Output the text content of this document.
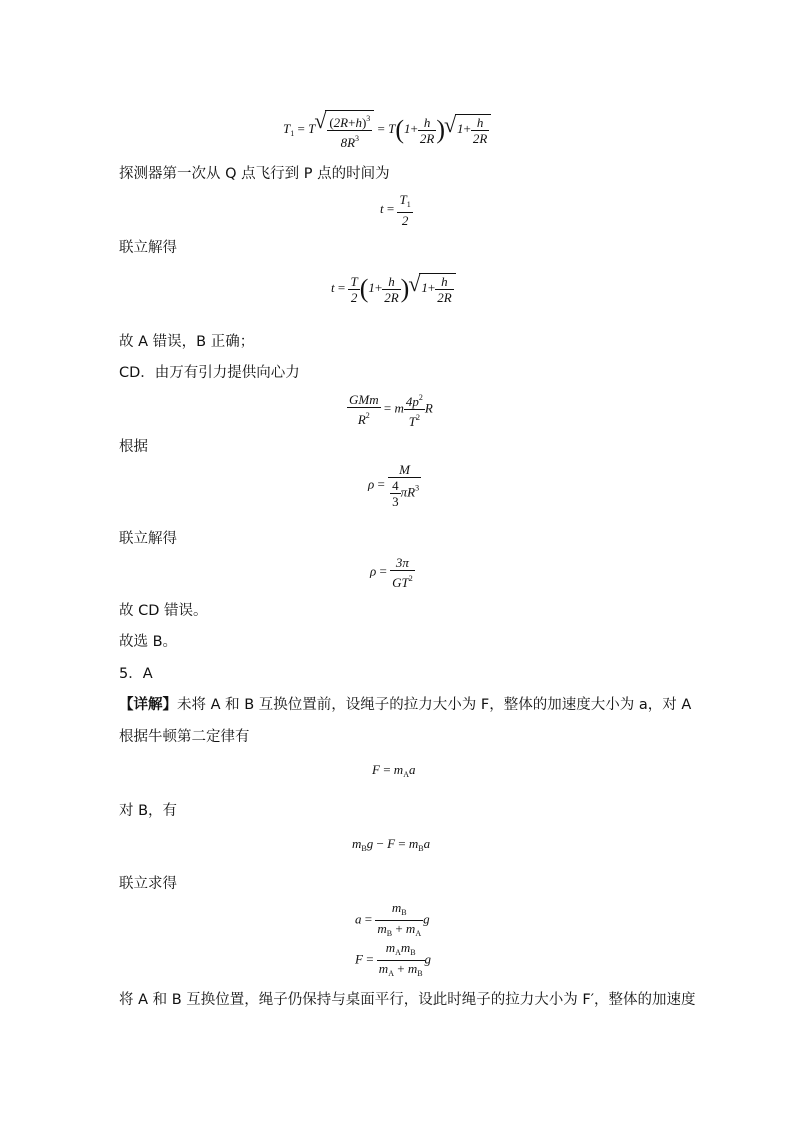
$T_1 = T$ √ $\frac{(2R+h)^3}{8R^3} = T(1+ \frac{h}{2R}$ ) √ $1+ \frac{h}{2R}$
探测器第一次从 Q 点飞行到 P 点的时间为
$t = \frac{T_1}{2}$
联立解得
$t = \frac{T}{2} (1+ \frac{h}{2R}$ ) √ $1+ \frac{h}{2R}$
故 A 错误，B 正确；
CD．由万有引力提供向心力
$\frac{\text{GMm}}{R^2} = m \frac{4p^2}{T^2}$ R
根据
$\rho = \frac{M}{\frac{4}{3} \pi R^3}$
联立解得
$\rho = \frac{3\pi}{GT^2}$
故 CD 错误。
故选 B。
5．A
【详解】未将 A 和 B 互换位置前，设绳子的拉力大小为 F，整体的加速度大小为 a，对 A
根据牛顿第二定律有
$F = m_Aa$
对 B，有
$m_Bg - F = m_Ba$
联立求得
$a = \frac{m_B}{m_B + m_A}$ g
$F = \frac{m_Am_B}{m_A + m_B}$ g
将 A 和 B 互换位置，绳子仍保持与桌面平行，设此时绳子的拉力大小为 F′，整体的加速度
